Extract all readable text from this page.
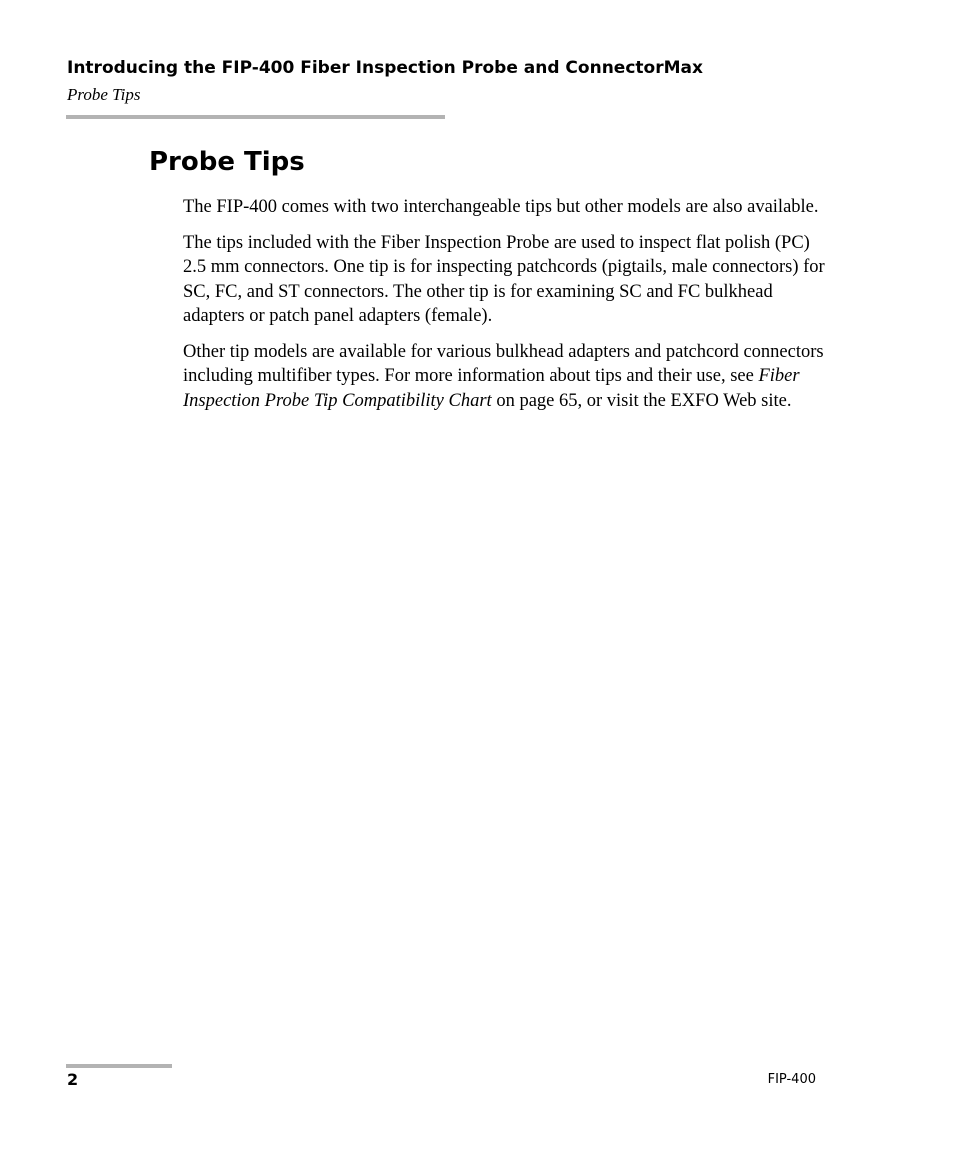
Introducing the FIP-400 Fiber Inspection Probe and ConnectorMax
Probe Tips
Probe Tips

The FIP-400 comes with two interchangeable tips but other models are also available.

The tips included with the Fiber Inspection Probe are used to inspect flat polish (PC) 2.5 mm connectors. One tip is for inspecting patchcords (pigtails, male connectors) for SC, FC, and ST connectors. The other tip is for examining SC and FC bulkhead adapters or patch panel adapters (female).

Other tip models are available for various bulkhead adapters and patchcord connectors including multifiber types. For more information about tips and their use, see Fiber Inspection Probe Tip Compatibility Chart on page 65, or visit the EXFO Web site.

2	FIP-400
